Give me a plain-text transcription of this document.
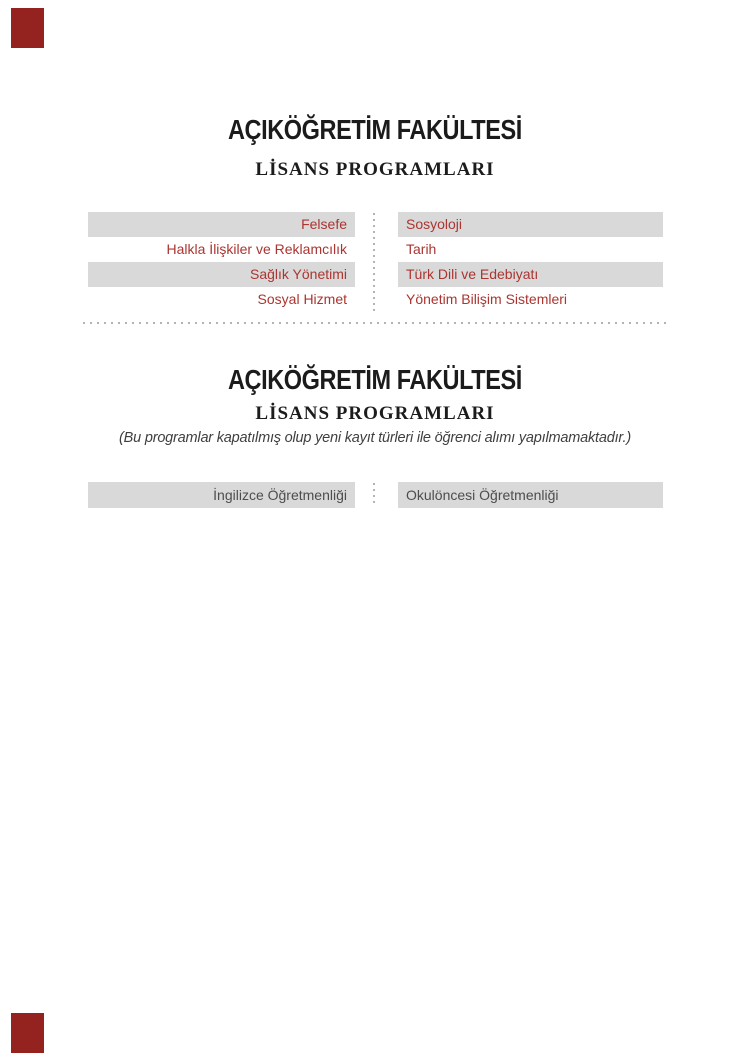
AÇIKÖĞRETİM FAKÜLTESİ
LİSANS PROGRAMLARI
Felsefe	Sosyoloji
Halkla İlişkiler ve Reklamcılık	Tarih
Sağlık Yönetimi	Türk Dili ve Edebiyatı
Sosyal Hizmet	Yönetim Bilişim Sistemleri
AÇIKÖĞRETİM FAKÜLTESİ
LİSANS PROGRAMLARI
(Bu programlar kapatılmış olup yeni kayıt türleri ile öğrenci alımı yapılmamaktadır.)
İngilizce Öğretmenliği	Okulöncesi Öğretmenliği
